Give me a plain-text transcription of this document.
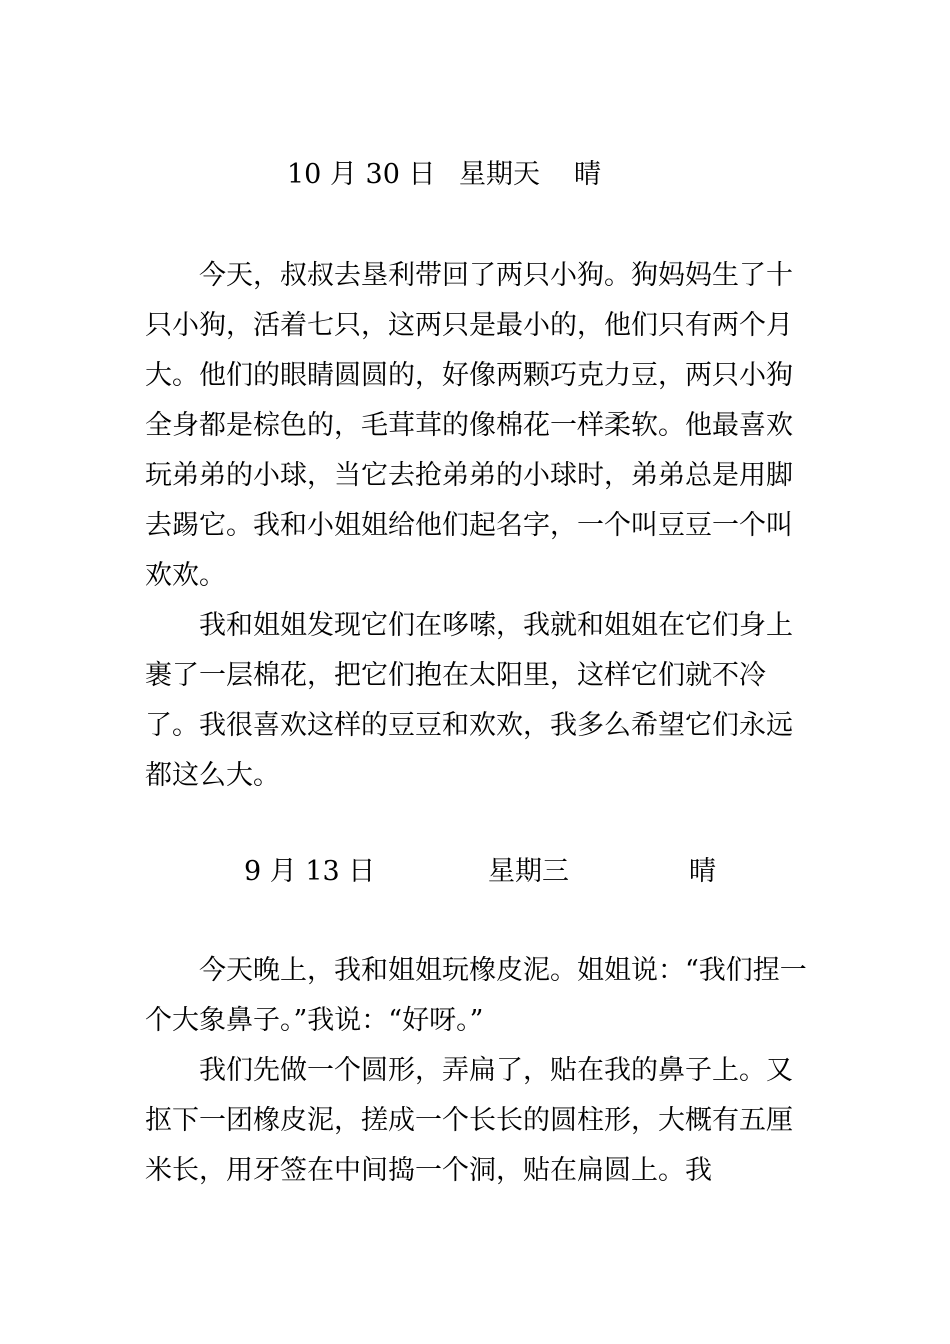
10 月 30 日 星期天 晴

今天，叔叔去垦利带回了两只小狗。狗妈妈生了十只小狗，活着七只，这两只是最小的，他们只有两个月大。他们的眼睛圆圆的，好像两颗巧克力豆，两只小狗全身都是棕色的，毛茸茸的像棉花一样柔软。他最喜欢玩弟弟的小球，当它去抢弟弟的小球时，弟弟总是用脚去踢它。我和小姐姐给他们起名字，一个叫豆豆一个叫欢欢。

我和姐姐发现它们在哆嗦，我就和姐姐在它们身上裹了一层棉花，把它们抱在太阳里，这样它们就不冷了。我很喜欢这样的豆豆和欢欢，我多么希望它们永远都这么大。

9 月 13 日	星期三	晴

今天晚上，我和姐姐玩橡皮泥。姐姐说：“我们捏一个大象鼻子。”我说：“好呀。”

我们先做一个圆形，弄扁了，贴在我的鼻子上。又抠下一团橡皮泥，搓成一个长长的圆柱形，大概有五厘米长，用牙签在中间捣一个洞，贴在扁圆上。我
